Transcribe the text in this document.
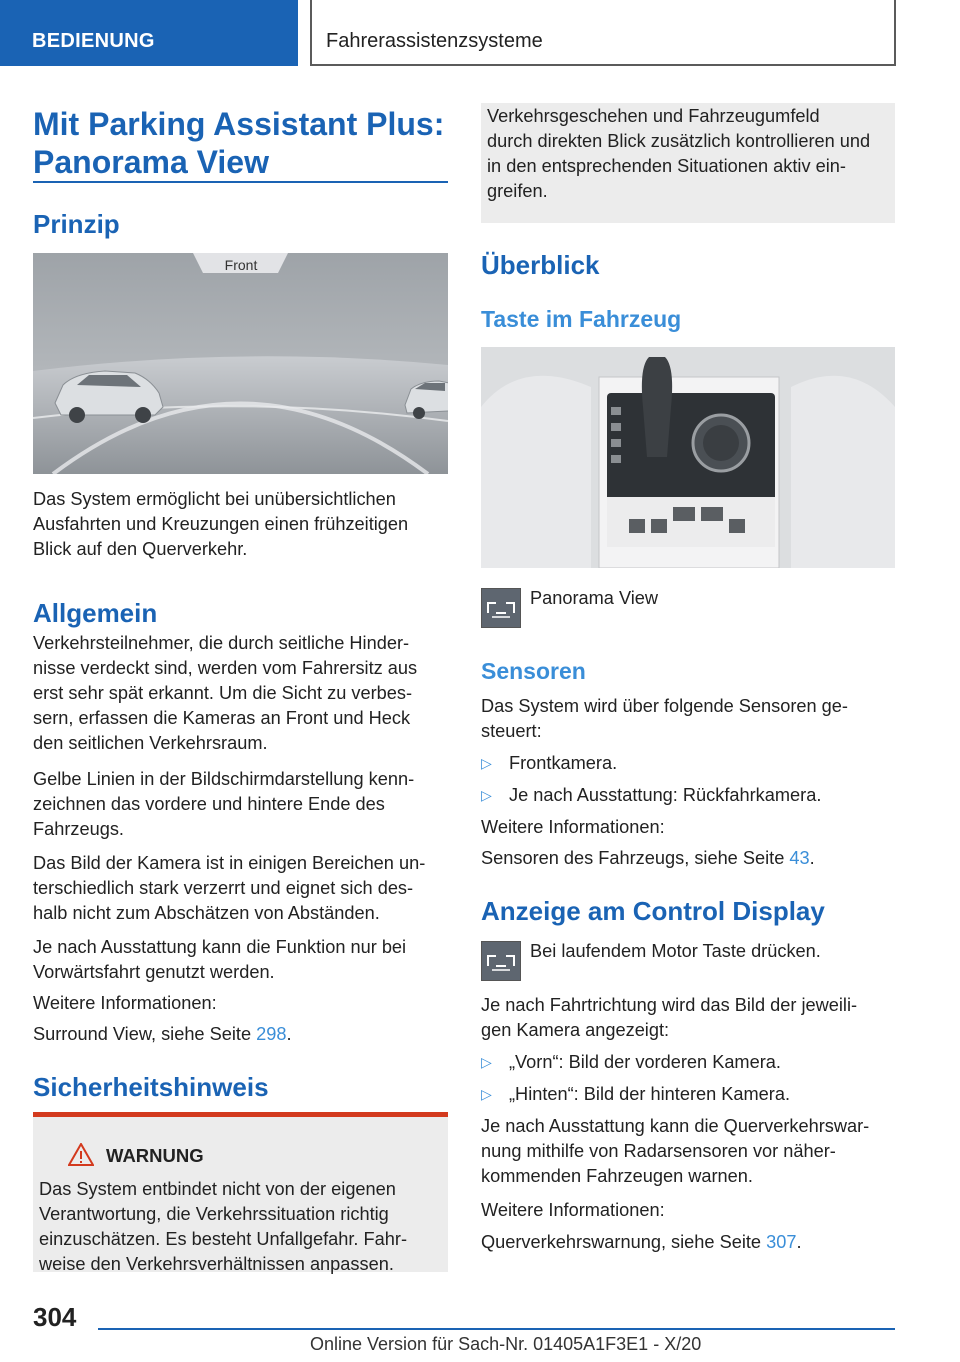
BEDIENUNG	Fahrerassistenzsysteme
Mit Parking Assistant Plus:
Panorama View
Prinzip
Front
Das System ermöglicht bei unübersichtlichen
Ausfahrten und Kreuzungen einen frühzeitigen
Blick auf den Querverkehr.
Allgemein
Verkehrsteilnehmer, die durch seitliche Hinder-
nisse verdeckt sind, werden vom Fahrersitz aus
erst sehr spät erkannt. Um die Sicht zu verbes-
sern, erfassen die Kameras an Front und Heck
den seitlichen Verkehrsraum.
Gelbe Linien in der Bildschirmdarstellung kenn-
zeichnen das vordere und hintere Ende des
Fahrzeugs.
Das Bild der Kamera ist in einigen Bereichen un-
terschiedlich stark verzerrt und eignet sich des-
halb nicht zum Abschätzen von Abständen.
Je nach Ausstattung kann die Funktion nur bei
Vorwärtsfahrt genutzt werden.
Weitere Informationen:
Surround View, siehe Seite 298.
Sicherheitshinweis
WARNUNG
Das System entbindet nicht von der eigenen
Verantwortung, die Verkehrssituation richtig
einzuschätzen. Es besteht Unfallgefahr. Fahr-
weise den Verkehrsverhältnissen anpassen.
Verkehrsgeschehen und Fahrzeugumfeld
durch direkten Blick zusätzlich kontrollieren und
in den entsprechenden Situationen aktiv ein-
greifen.
Überblick
Taste im Fahrzeug
Panorama View
Sensoren
Das System wird über folgende Sensoren ge-
steuert:
▷ Frontkamera.
▷ Je nach Ausstattung: Rückfahrkamera.
Weitere Informationen:
Sensoren des Fahrzeugs, siehe Seite 43.
Anzeige am Control Display
Bei laufendem Motor Taste drücken.
Je nach Fahrtrichtung wird das Bild der jeweili-
gen Kamera angezeigt:
▷ „Vorn“: Bild der vorderen Kamera.
▷ „Hinten“: Bild der hinteren Kamera.
Je nach Ausstattung kann die Querverkehrswar-
nung mithilfe von Radarsensoren vor näher-
kommenden Fahrzeugen warnen.
Weitere Informationen:
Querverkehrswarnung, siehe Seite 307.
304
Online Version für Sach-Nr. 01405A1F3E1 - X/20
